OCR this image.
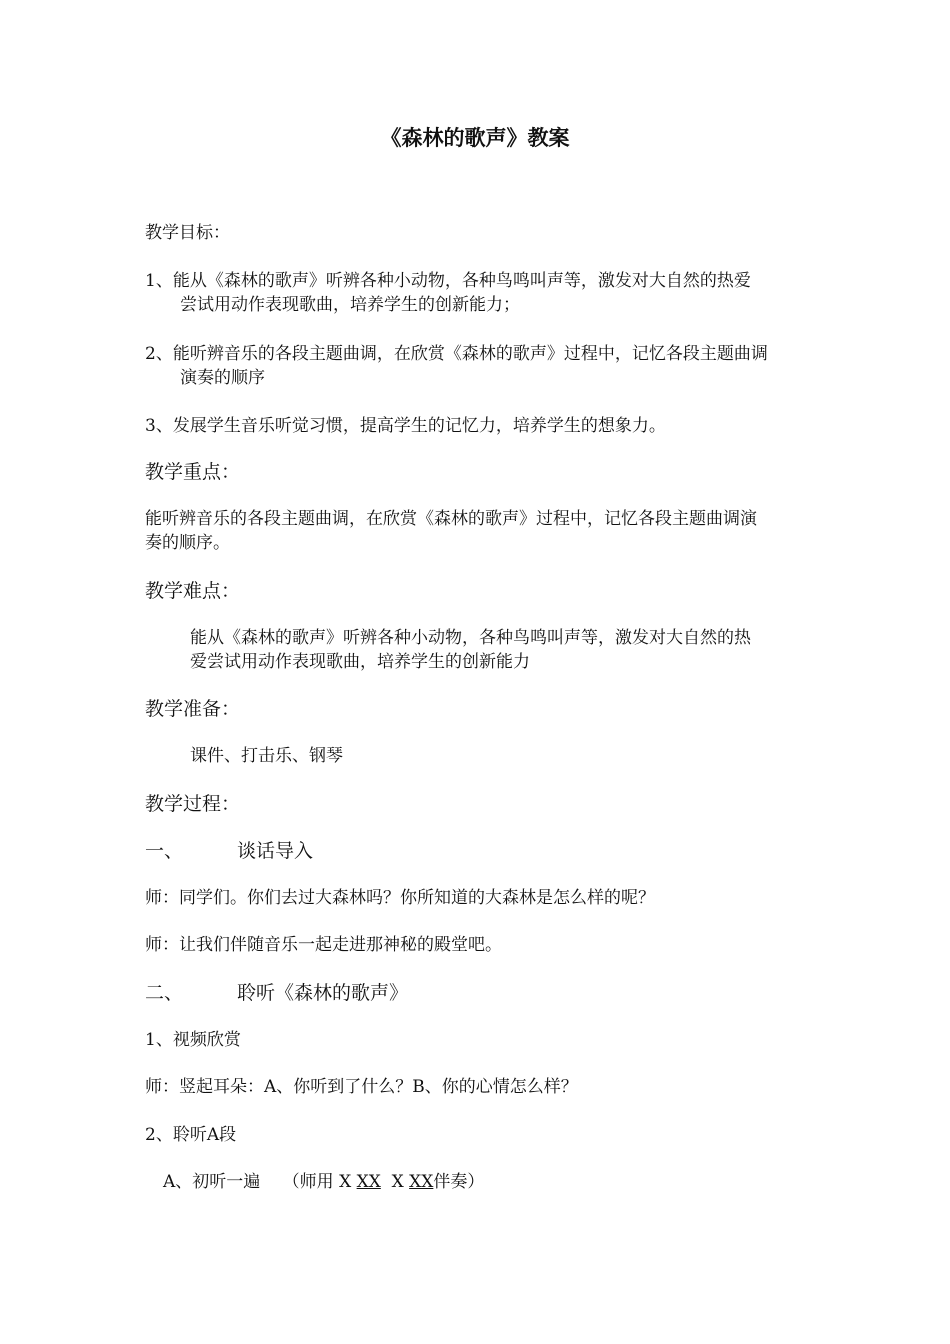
《森林的歌声》教案
教学目标：
1、能从《森林的歌声》听辨各种小动物，各种鸟鸣叫声等，激发对大自然的热爱
尝试用动作表现歌曲，培养学生的创新能力；
2、能听辨音乐的各段主题曲调，在欣赏《森林的歌声》过程中，记忆各段主题曲调
演奏的顺序
3、发展学生音乐听觉习惯，提高学生的记忆力，培养学生的想象力。
教学重点：
能听辨音乐的各段主题曲调，在欣赏《森林的歌声》过程中，记忆各段主题曲调演
奏的顺序。
教学难点：
能从《森林的歌声》听辨各种小动物，各种鸟鸣叫声等，激发对大自然的热
爱尝试用动作表现歌曲，培养学生的创新能力
教学准备：
课件、打击乐、钢琴
教学过程：
一、	谈话导入
师：同学们。你们去过大森林吗？你所知道的大森林是怎么样的呢？
师：让我们伴随音乐一起走进那神秘的殿堂吧。
二、	聆听《森林的歌声》
1、视频欣赏
师：竖起耳朵：A、你听到了什么？B、你的心情怎么样？
2、聆听A段
A、初听一遍　 （师用 X XX  X XX伴奏）
